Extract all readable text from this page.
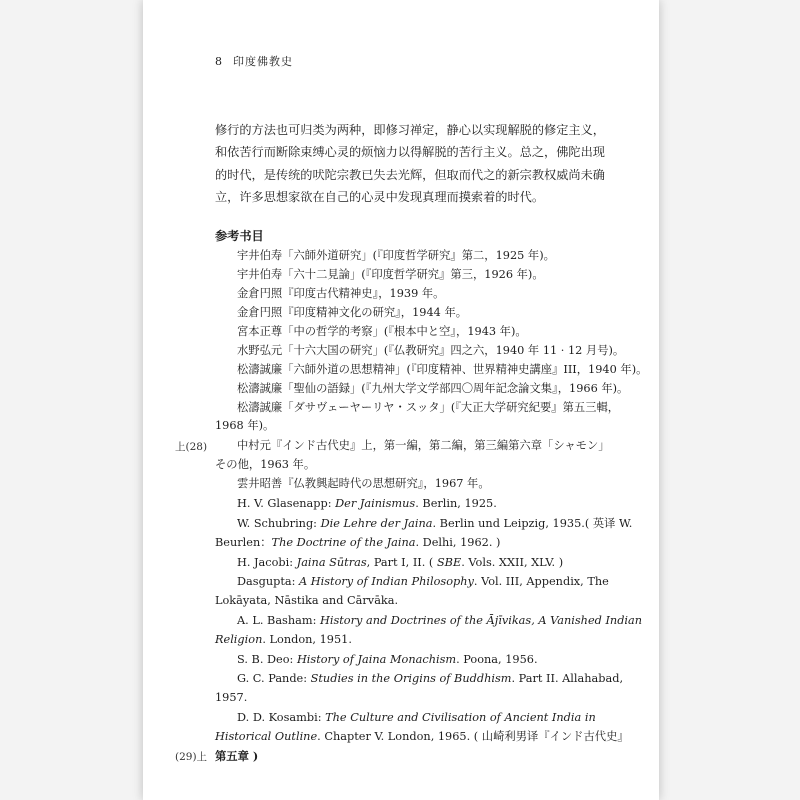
8 印度佛教史
修行的方法也可归类为两种，即修习禅定，静心以实现解脱的修定主义，
和依苦行而断除束缚心灵的烦恼力以得解脱的苦行主义。总之，佛陀出现
的时代，是传统的吠陀宗教已失去光辉，但取而代之的新宗教权威尚未确
立，许多思想家欲在自己的心灵中发现真理而摸索着的时代。
参考书目
宇井伯寿「六師外道研究」(『印度哲学研究』第二，1925 年)。
宇井伯寿「六十二見論」(『印度哲学研究』第三，1926 年)。
金倉円照『印度古代精神史』，1939 年。
金倉円照『印度精神文化の研究』，1944 年。
宮本正尊「中の哲学的考察」(『根本中と空』，1943 年)。
水野弘元「十六大国の研究」(『仏教研究』四之六，1940 年 11 · 12 月号)。
松濤誠廉「六師外道の思想精神」(『印度精神、世界精神史講座』III，1940 年)。
松濤誠廉「聖仙の語録」(『九州大学文学部四〇周年記念論文集』，1966 年)。
松濤誠廉「ダサヴェーヤーリヤ・スッタ」(『大正大学研究紀要』第五三輯，
1968 年)。
上(28)	中村元『インド古代史』上，第一編，第二編，第三編第六章「シャモン」
その他，1963 年。
雲井昭善『仏教興起時代の思想研究』，1967 年。
H. V. Glasenapp: Der Jainismus. Berlin, 1925.
W. Schubring: Die Lehre der Jaina. Berlin und Leipzig, 1935.( 英译 W.
Beurlen：The Doctrine of the Jaina. Delhi, 1962. )
H. Jacobi: Jaina Sūtras, Part I, II. ( SBE. Vols. XXII, XLV. )
Dasgupta: A History of Indian Philosophy. Vol. III, Appendix, The
Lokāyata, Nāstika and Cārvāka.
A. L. Basham: History and Doctrines of the Ājīvikas, A Vanished Indian
Religion. London, 1951.
S. B. Deo: History of Jaina Monachism. Poona, 1956.
G. C. Pande: Studies in the Origins of Buddhism. Part II. Allahabad,
1957.
D. D. Kosambi: The Culture and Civilisation of Ancient India in
Historical Outline. Chapter V. London, 1965. ( 山崎利男译『インド古代史』
(29)上 第五章 )
